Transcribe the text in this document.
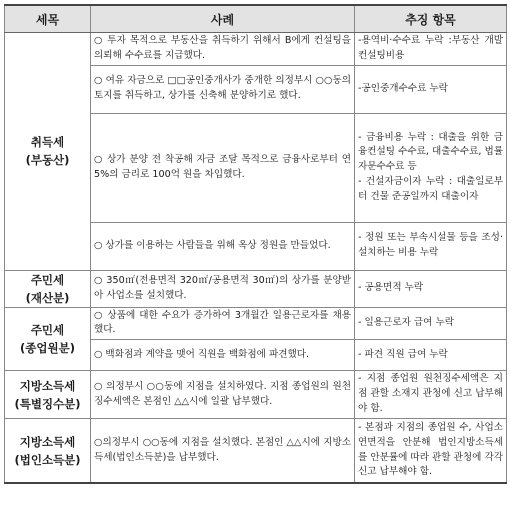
세목	사례	추징 항목

취득세
(부동산)	○ 투자 목적으로 부동산을 취득하기 위해서 B에게 컨설팅을 의뢰해 수수료를 지급했다.	-용역비·수수료 누락 :부동산 개발 컨설팅비용
	○ 여유 자금으로 □□공인중개사가 중개한 의정부시 ○○동의 토지를 취득하고, 상가를 신축해 분양하기로 했다.	-공인중개수수료 누락
	○ 상가 분양 전 착공해 자금 조달 목적으로 금융사로부터 연 5%의 금리로 100억 원을 차입했다.	- 금융비용 누락 : 대출을 위한 금융컨설팅 수수료, 대출수수료, 법률자문수수료 등
- 건설자금이자 누락 : 대출일로부터 건물 준공일까지 대출이자
	○ 상가를 이용하는 사람들을 위해 옥상 정원을 만들었다.	- 정원 또는 부속시설물 등을 조성·설치하는 비용 누락

주민세
(재산분)	○ 350㎡(전용면적 320㎡/공용면적 30㎡)의 상가를 분양받아 사업소를 설치했다.	- 공용면적 누락

주민세
(종업원분)	○ 상품에 대한 수요가 증가하여 3개월간 일용근로자를 채용했다.	- 일용근로자 급여 누락
	○ 백화점과 계약을 맺어 직원을 백화점에 파견했다.	- 파견 직원 급여 누락

지방소득세
(특별징수분)	○ 의정부시 ○○동에 지점을 설치하였다. 지점 종업원의 원천징수세액은 본점인 △△시에 일괄 납부했다.	- 지점 종업원 원천징수세액은 지점 관할 소재지 관청에 신고 납부해야 함.

지방소득세
(법인소득분)	○의정부시 ○○동에 지점을 설치했다. 본점인 △△시에 지방소득세(법인소득분)을 납부했다.	- 본점과 지점의 종업원 수, 사업소 연면적을 안분해 법인지방소득세를 안분률에 따라 관할 관청에 각각 신고 납부해야 함.
